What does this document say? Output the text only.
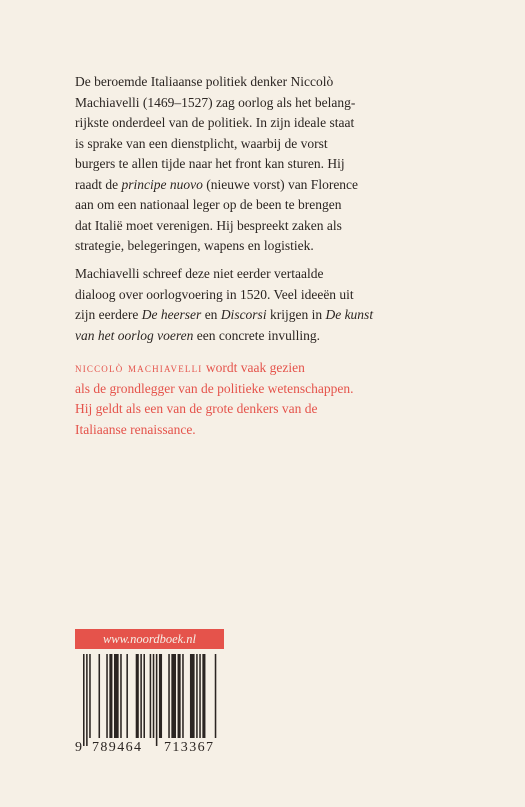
De beroemde Italiaanse politiek denker Niccolò
Machiavelli (1469–1527) zag oorlog als het belang-
rijkste onderdeel van de politiek. In zijn ideale staat
is sprake van een dienstplicht, waarbij de vorst
burgers te allen tijde naar het front kan sturen. Hij
raadt de principe nuovo (nieuwe vorst) van Florence
aan om een nationaal leger op de been te brengen
dat Italië moet verenigen. Hij bespreekt zaken als
strategie, belegeringen, wapens en logistiek.
Machiavelli schreef deze niet eerder vertaalde
dialoog over oorlogvoering in 1520. Veel ideeën uit
zijn eerdere De heerser en Discorsi krijgen in De kunst
van het oorlog voeren een concrete invulling.
niccolò machiavelli wordt vaak gezien
als de grondlegger van de politieke wetenschappen.
Hij geldt als een van de grote denkers van de
Italiaanse renaissance.
www.noordboek.nl
9 789464 713367
